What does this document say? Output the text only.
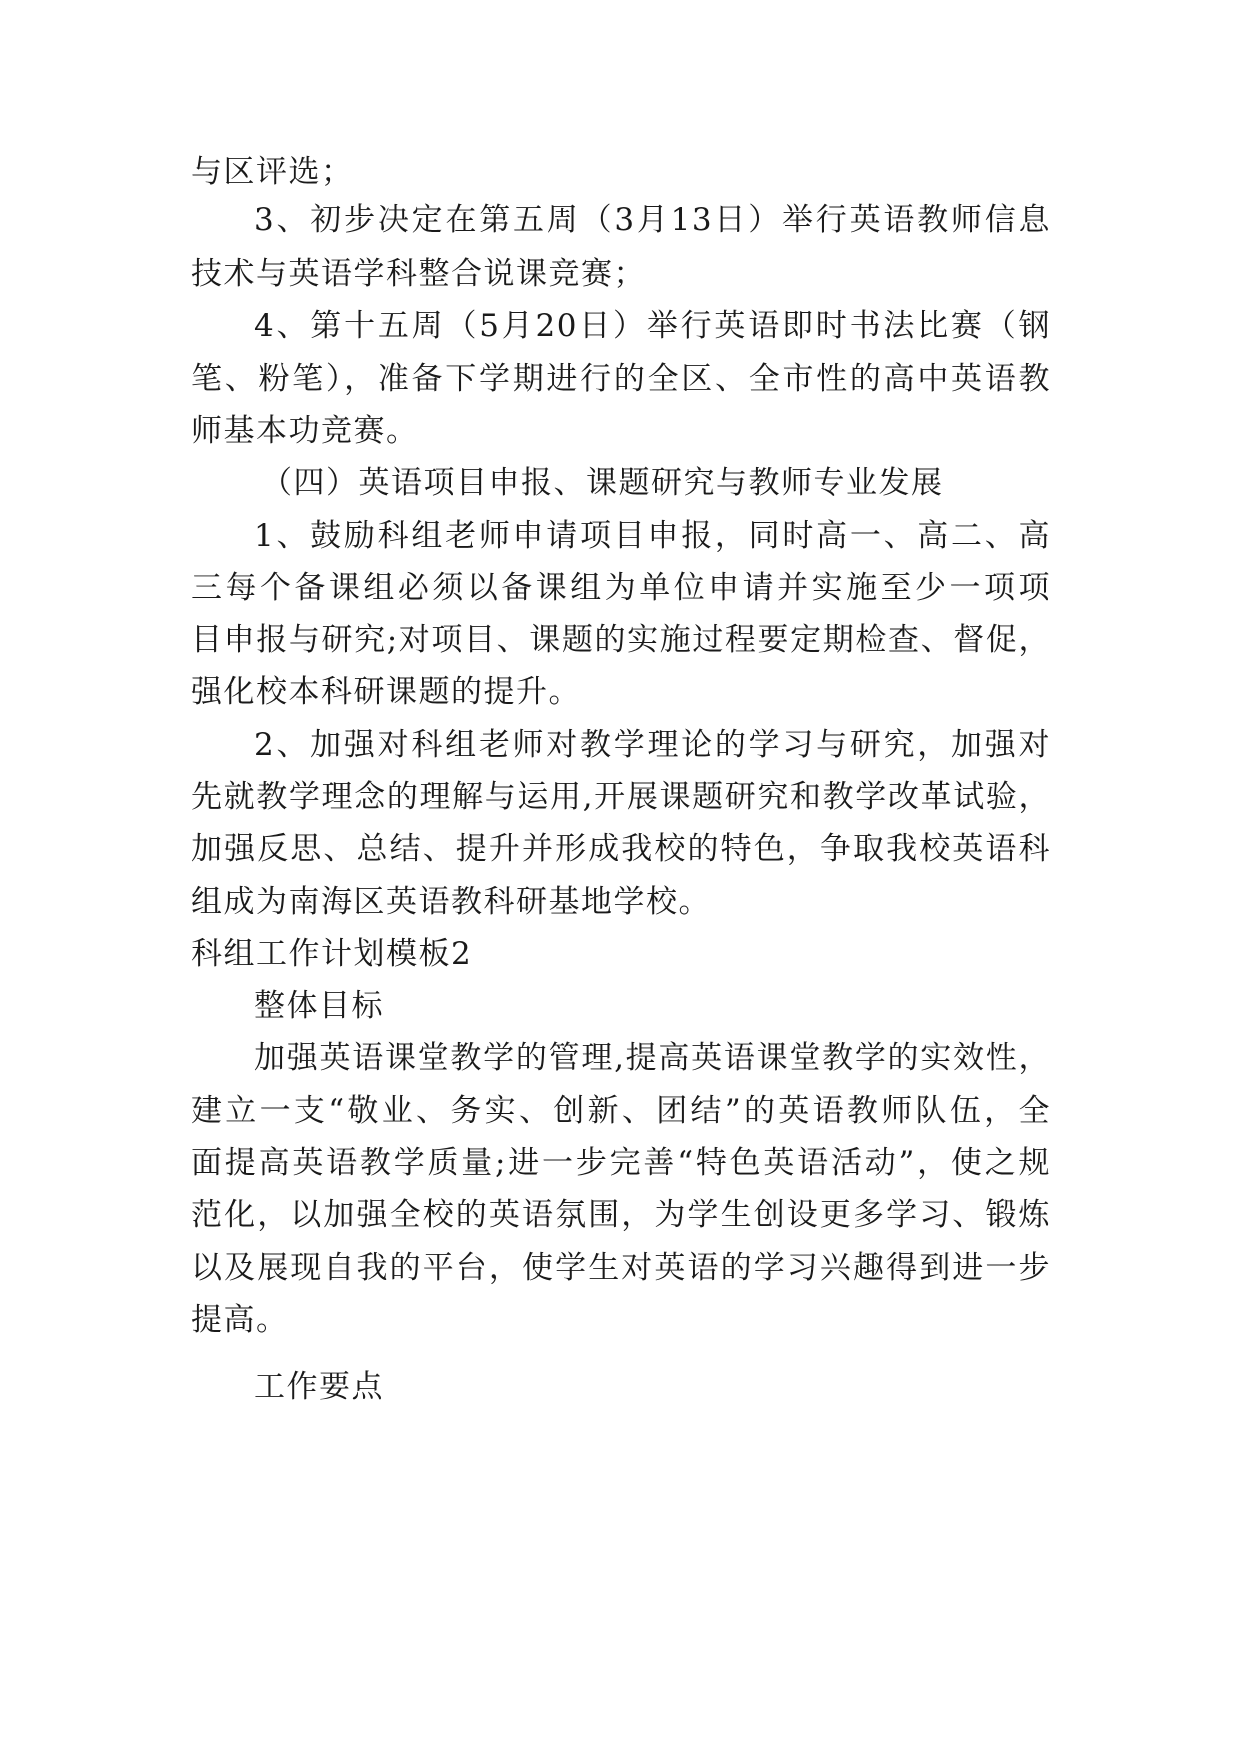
与区评选；
3、初步决定在第五周（3月13日）举行英语教师信息
技术与英语学科整合说课竞赛；
4、第十五周（5月20日）举行英语即时书法比赛（钢
笔、粉笔），准备下学期进行的全区、全市性的高中英语教
师基本功竞赛。
（四）英语项目申报、课题研究与教师专业发展
1、鼓励科组老师申请项目申报，同时高一、高二、高
三每个备课组必须以备课组为单位申请并实施至少一项项
目申报与研究;对项目、课题的实施过程要定期检查、督促，
强化校本科研课题的提升。
2、加强对科组老师对教学理论的学习与研究，加强对
先就教学理念的理解与运用,开展课题研究和教学改革试验，
加强反思、总结、提升并形成我校的特色，争取我校英语科
组成为南海区英语教科研基地学校。
科组工作计划模板2
整体目标
加强英语课堂教学的管理,提高英语课堂教学的实效性，
建立一支“敬业、务实、创新、团结”的英语教师队伍，全
面提高英语教学质量;进一步完善“特色英语活动”，使之规
范化，以加强全校的英语氛围，为学生创设更多学习、锻炼
以及展现自我的平台，使学生对英语的学习兴趣得到进一步
提高。
工作要点
